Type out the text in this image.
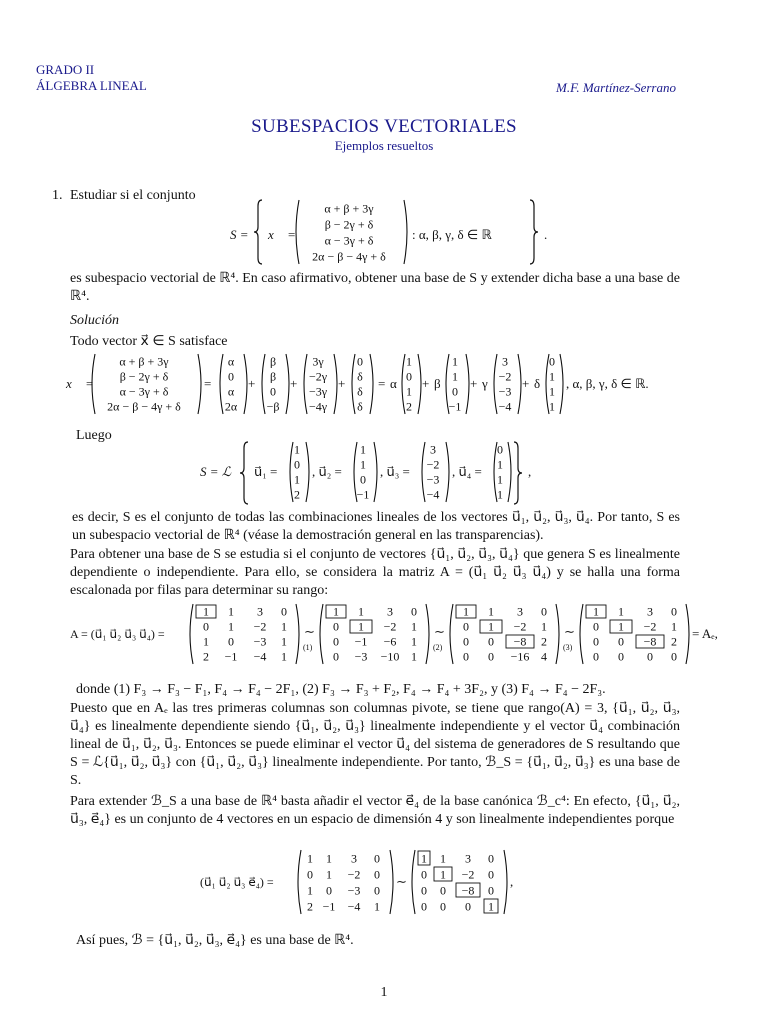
GRADO II
ÁLGEBRA LINEAL	M.F. Martínez-Serrano
SUBESPACIOS VECTORIALES
Ejemplos resueltos
1. Estudiar si el conjunto
S = x⃗ =
α + β + 3γ
β − 2γ + δ
α − 3γ + δ
2α − β − 4γ + δ
: α, β, γ, δ ∈ ℝ	.
es subespacio vectorial de ℝ⁴. En caso afirmativo, obtener una base de S y extender dicha base a una base de ℝ⁴.
Solución
Todo vector x⃗ ∈ S satisface
x⃗ =
α + β + 3γ
β − 2γ + δ
α − 3γ + δ
2α − β − 4γ + δ
=
α
0
α
2α
+
β
β
0
−β
+
3γ
−2γ
−3γ
−4γ
+
0
δ
δ
δ
= α
1
0
1
2
+ β
1
1
0
−1
+ γ
3
−2
−3
−4
+ δ
0
1
1
1
, α, β, γ, δ ∈ ℝ.
Luego
S = ℒ u⃗₁ =
1
0
1
2
, u⃗₂ =
1
1
0
−1
, u⃗₃ =
3
−2
−3
−4
, u⃗₄ =
0
1
1
1
,
es decir, S es el conjunto de todas las combinaciones lineales de los vectores u⃗₁, u⃗₂, u⃗₃, u⃗₄. Por tanto, S es un subespacio vectorial de ℝ⁴ (véase la demostración general en las transparencias).
Para obtener una base de S se estudia si el conjunto de vectores {u⃗₁, u⃗₂, u⃗₃, u⃗₄} que genera S es linealmente dependiente o independiente. Para ello, se considera la matriz A = (u⃗₁ u⃗₂ u⃗₃ u⃗₄) y se halla una forma escalonada por filas para determinar su rango:
A = (u⃗₁ u⃗₂ u⃗₃ u⃗₄) =
1 1 3 0
0 1 −2 1
1 0 −3 1
2 −1 −4 1
∼
(1)
1 1 3 0
0 1 −2 1
0 −1 −6 1
0 −3 −10 1
∼
(2)
1 1 3 0
0 1 −2 1
0 0 −8 2
0 0 −16 4
∼
(3)
1 1 3 0
0 1 −2 1
0 0 −8 2
0 0 0 0
= Aₑ,
donde (1) F₃ → F₃ − F₁, F₄ → F₄ − 2F₁, (2) F₃ → F₃ + F₂, F₄ → F₄ + 3F₂, y (3) F₄ → F₄ − 2F₃.
Puesto que en Aₑ las tres primeras columnas son columnas pivote, se tiene que rango(A) = 3, {u⃗₁, u⃗₂, u⃗₃, u⃗₄} es linealmente dependiente siendo {u⃗₁, u⃗₂, u⃗₃} linealmente independiente y el vector u⃗₄ combinación lineal de u⃗₁, u⃗₂, u⃗₃. Entonces se puede eliminar el vector u⃗₄ del sistema de generadores de S resultando que S = ℒ{u⃗₁, u⃗₂, u⃗₃} con {u⃗₁, u⃗₂, u⃗₃} linealmente independiente. Por tanto, ℬ_S = {u⃗₁, u⃗₂, u⃗₃} es una base de S.
Para extender ℬ_S a una base de ℝ⁴ basta añadir el vector e⃗₄ de la base canónica ℬ_c⁴: En efecto, {u⃗₁, u⃗₂, u⃗₃, e⃗₄} es un conjunto de 4 vectores en un espacio de dimensión 4 y son linealmente independientes porque
(u⃗₁ u⃗₂ u⃗₃ e⃗₄) =
1 1 3 0
0 1 −2 0
1 0 −3 0
2 −1 −4 1
∼
1 1 3 0
0 1 −2 0
0 0 −8 0
0 0 0 1
,
Así pues, ℬ = {u⃗₁, u⃗₂, u⃗₃, e⃗₄} es una base de ℝ⁴.
1
